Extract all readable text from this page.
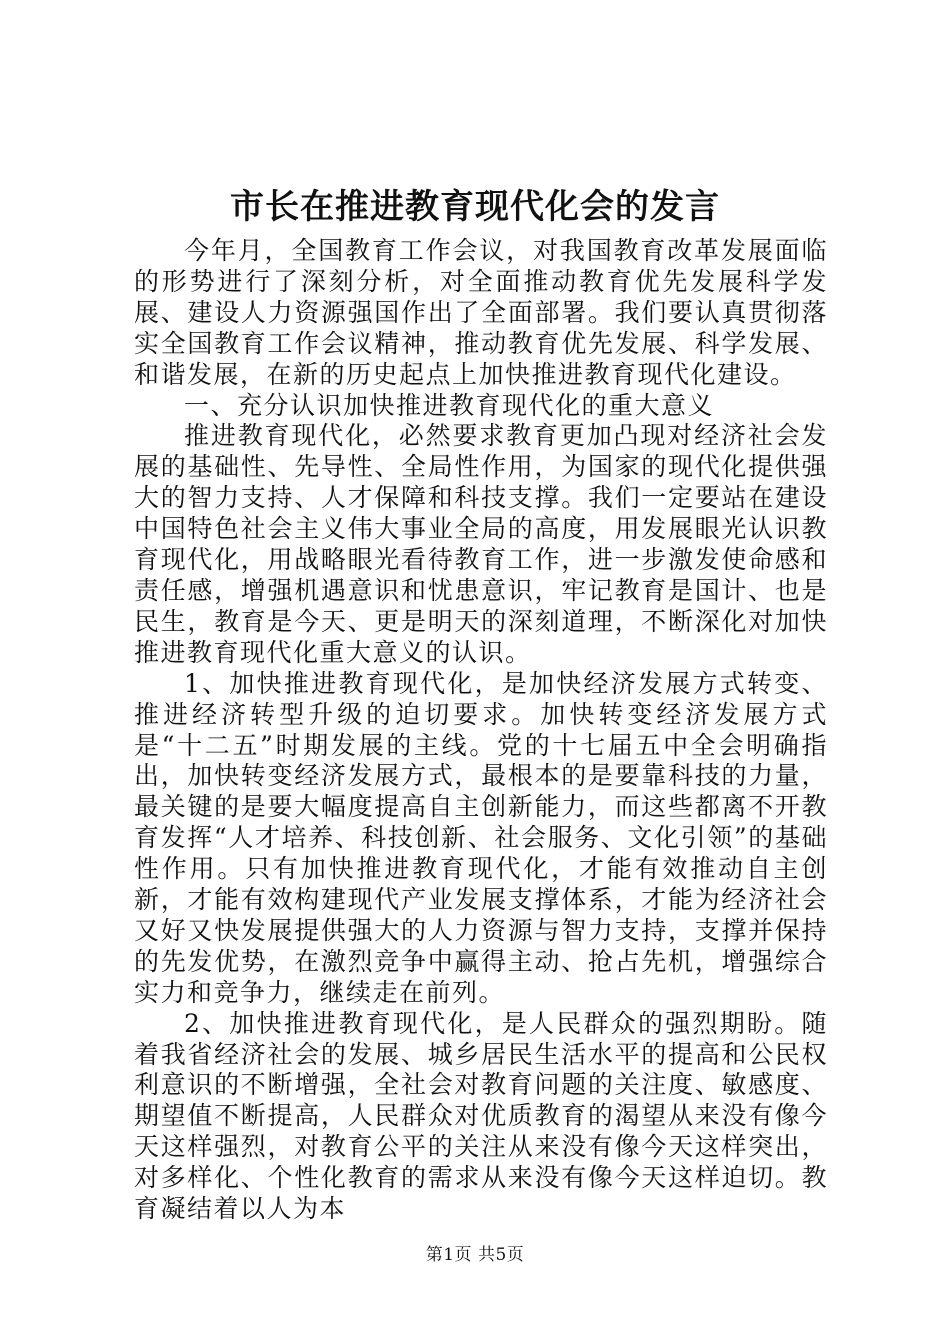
市长在推进教育现代化会的发言

今年月，全国教育工作会议，对我国教育改革发展面临的形势进行了深刻分析，对全面推动教育优先发展科学发展、建设人力资源强国作出了全面部署。我们要认真贯彻落实全国教育工作会议精神，推动教育优先发展、科学发展、和谐发展，在新的历史起点上加快推进教育现代化建设。

一、充分认识加快推进教育现代化的重大意义

推进教育现代化，必然要求教育更加凸现对经济社会发展的基础性、先导性、全局性作用，为国家的现代化提供强大的智力支持、人才保障和科技支撑。我们一定要站在建设中国特色社会主义伟大事业全局的高度，用发展眼光认识教育现代化，用战略眼光看待教育工作，进一步激发使命感和责任感，增强机遇意识和忧患意识，牢记教育是国计、也是民生，教育是今天、更是明天的深刻道理，不断深化对加快推进教育现代化重大意义的认识。

1、加快推进教育现代化，是加快经济发展方式转变、推进经济转型升级的迫切要求。加快转变经济发展方式是“十二五”时期发展的主线。党的十七届五中全会明确指出，加快转变经济发展方式，最根本的是要靠科技的力量，最关键的是要大幅度提高自主创新能力，而这些都离不开教育发挥“人才培养、科技创新、社会服务、文化引领”的基础性作用。只有加快推进教育现代化，才能有效推动自主创新，才能有效构建现代产业发展支撑体系，才能为经济社会又好又快发展提供强大的人力资源与智力支持，支撑并保持的先发优势，在激烈竞争中赢得主动、抢占先机，增强综合实力和竞争力，继续走在前列。

2、加快推进教育现代化，是人民群众的强烈期盼。随着我省经济社会的发展、城乡居民生活水平的提高和公民权利意识的不断增强，全社会对教育问题的关注度、敏感度、期望值不断提高，人民群众对优质教育的渴望从来没有像今天这样强烈，对教育公平的关注从来没有像今天这样突出，对多样化、个性化教育的需求从来没有像今天这样迫切。教育凝结着以人为本

第1页 共5页
